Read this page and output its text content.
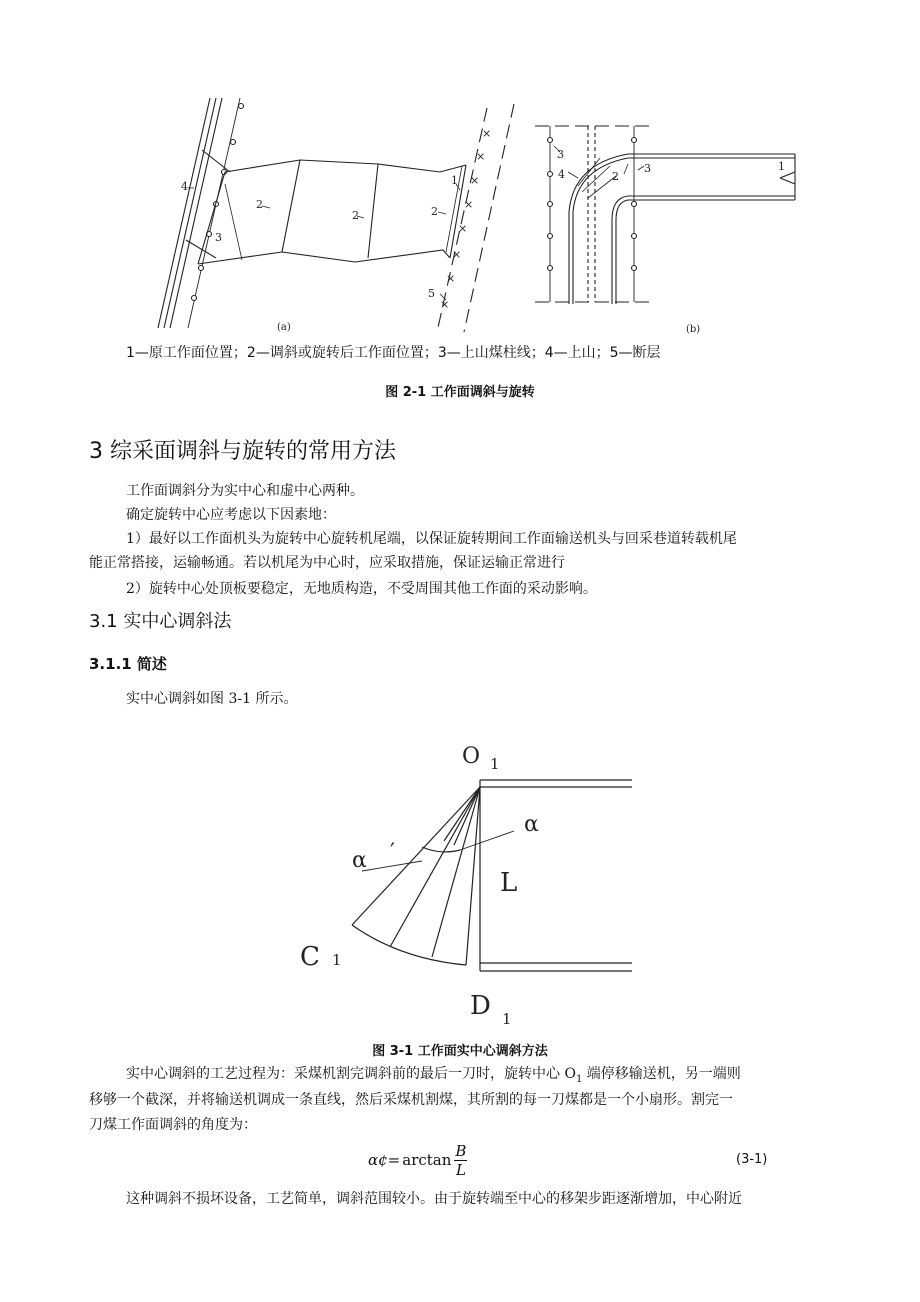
×
×
×
×
×
×
×
×
4
2
2	2
1
3
5
3
4	2
3	1
(a)	(b)
1—原工作面位置；2—调斜或旋转后工作面位置；3—上山煤柱线；4—上山；5—断层
图 2-1 工作面调斜与旋转
3 综采面调斜与旋转的常用方法
工作面调斜分为实中心和虚中心两种。
确定旋转中心应考虑以下因素地：
1）最好以工作面机头为旋转中心旋转机尾端，以保证旋转期间工作面输送机头与回采巷道转载机尾
能正常搭接，运输畅通。若以机尾为中心时，应采取措施，保证运输正常进行
2）旋转中心处顶板要稳定，无地质构造，不受周围其他工作面的采动影响。
3.1 实中心调斜法
3.1.1 简述
实中心调斜如图 3-1 所示。
O 1
α
α ′
L
C 1
D 1
图 3-1 工作面实中心调斜方法
实中心调斜的工艺过程为：采煤机割完调斜前的最后一刀时，旋转中心 $O_1$ 端停移输送机，另一端则
移够一个截深，并将输送机调成一条直线，然后采煤机割煤，其所割的每一刀煤都是一个小扇形。割完一
刀煤工作面调斜的角度为：
α¢= $\arctan \frac{B}{L}$	(3-1)
这种调斜不损坏设备，工艺简单，调斜范围较小。由于旋转端至中心的移架步距逐渐增加，中心附近
